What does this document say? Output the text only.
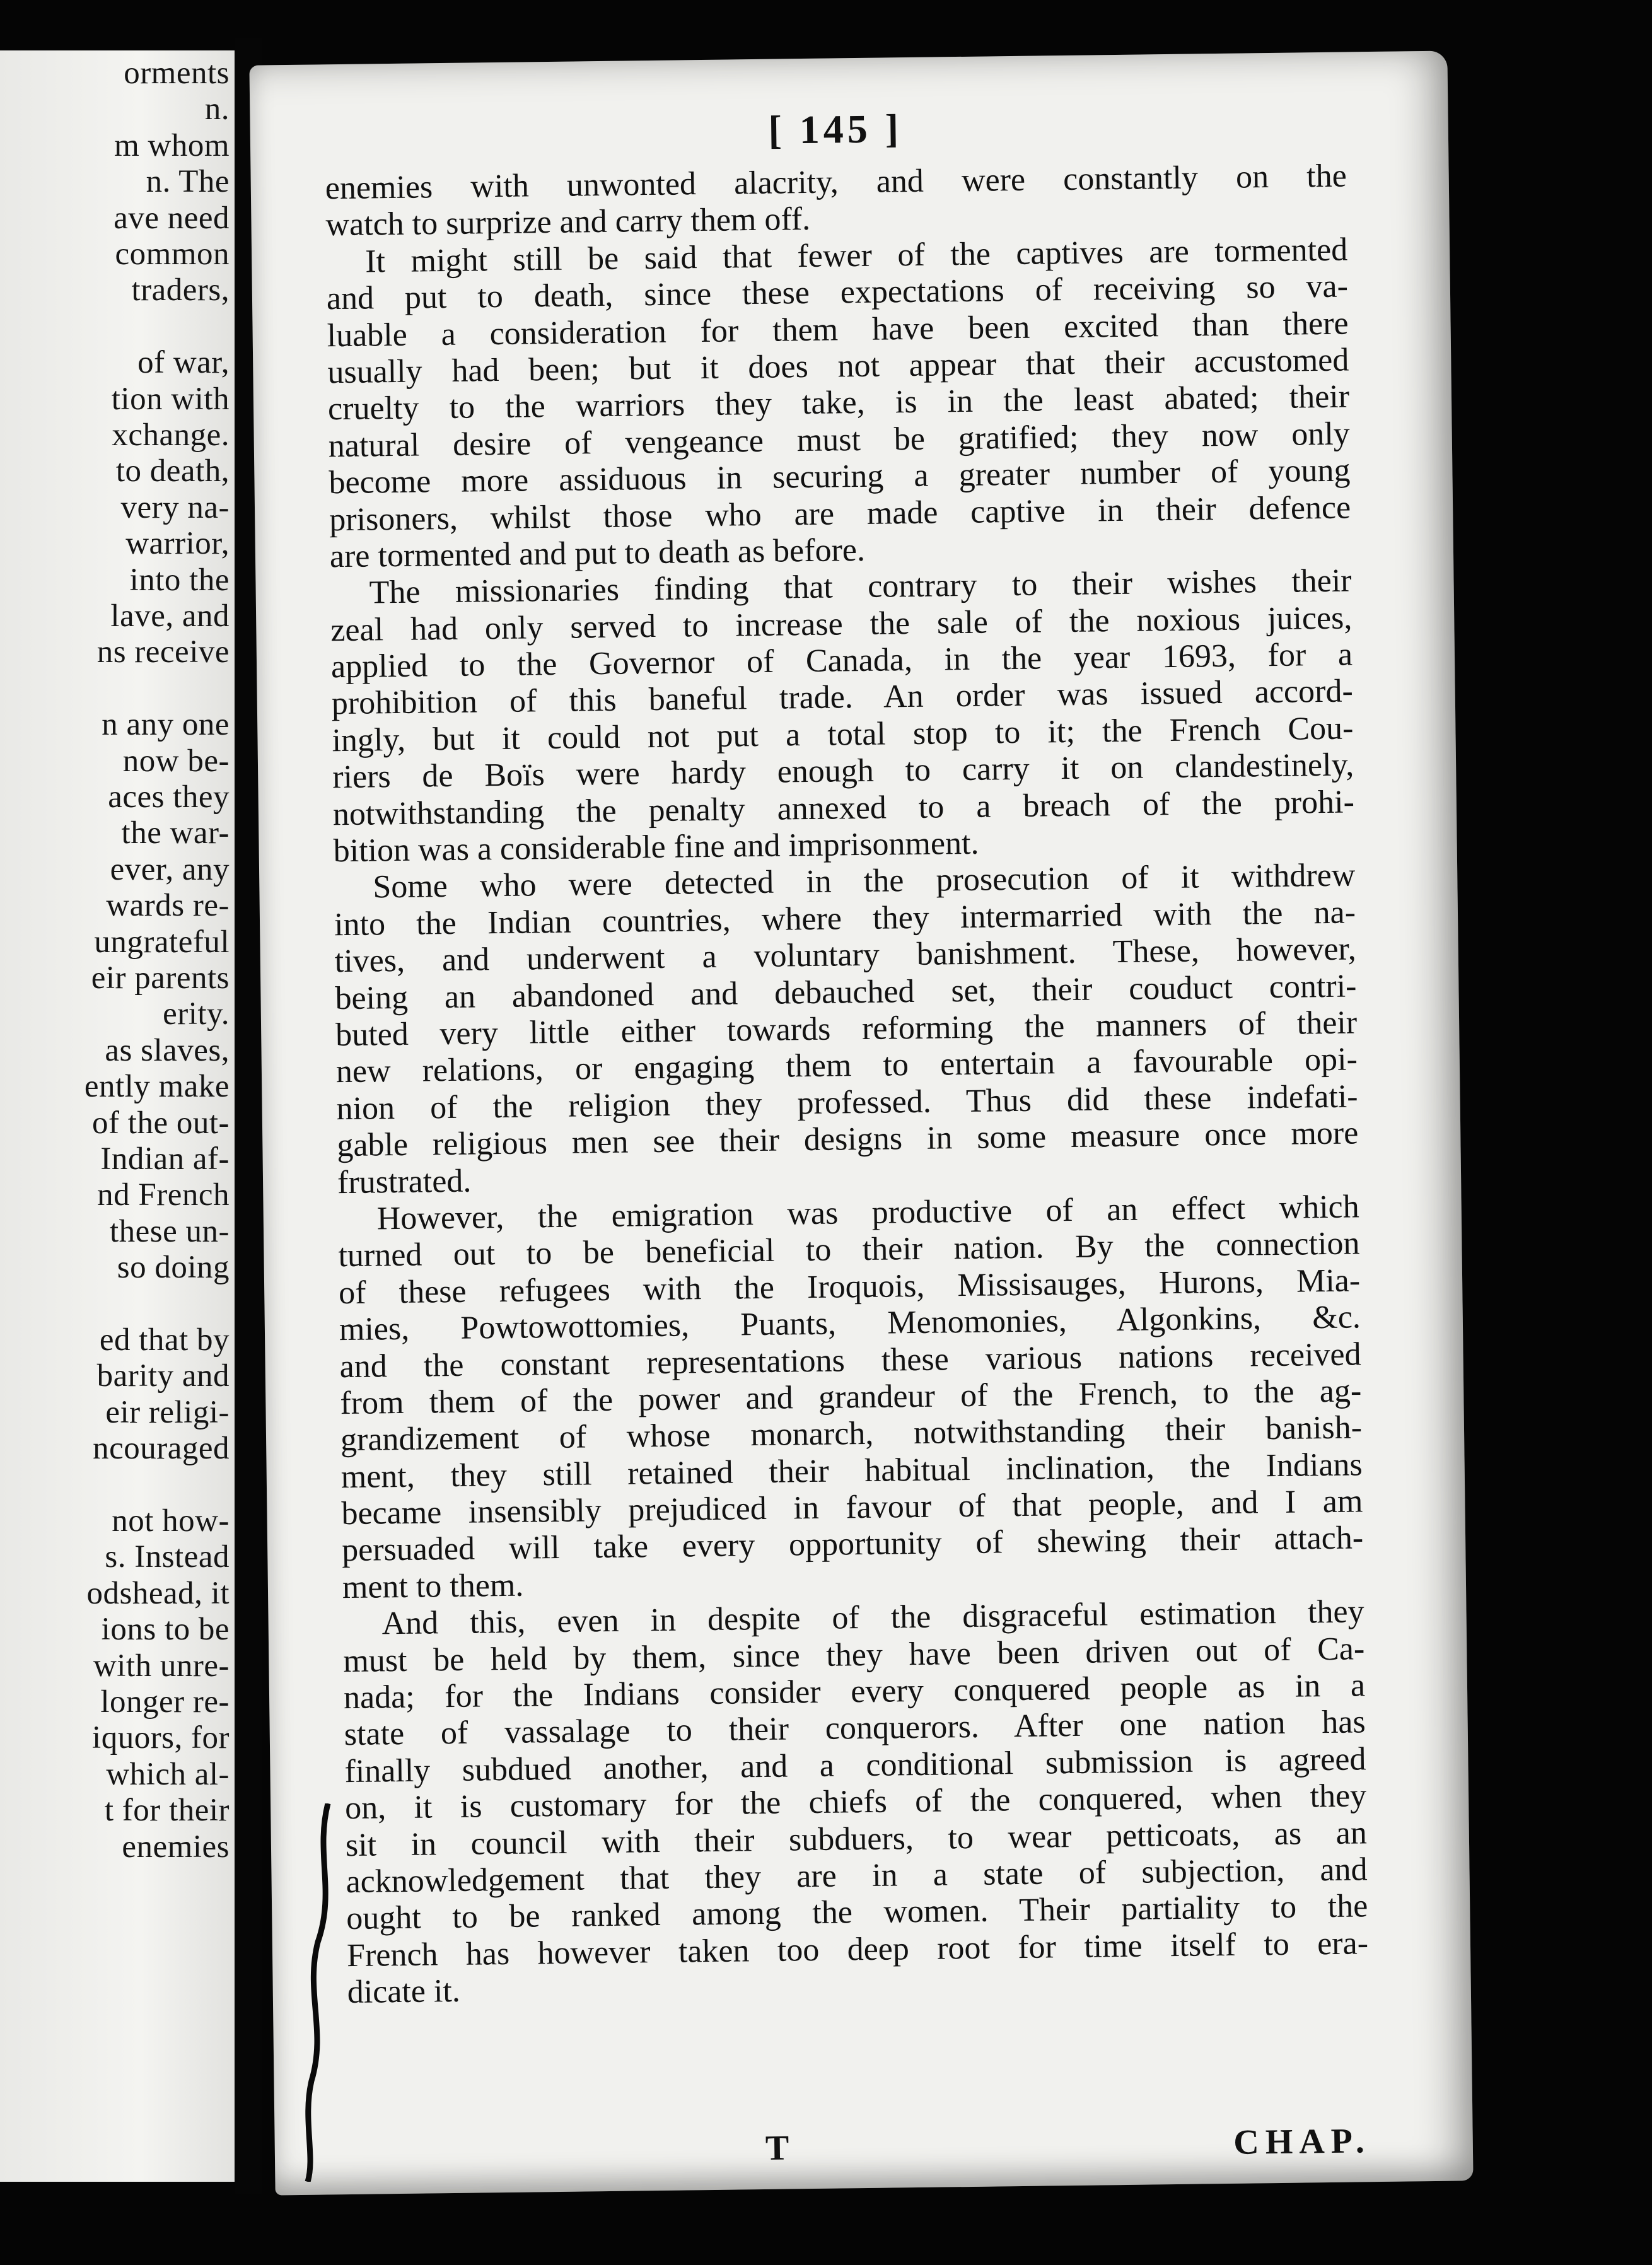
orments
n.
m whom
n. The
ave need
common
traders,
of war,
tion with
xchange.
to death,
very na-
warrior,
into the
lave, and
ns receive
n any one
now be-
aces they
the war-
ever, any
wards re-
ungrateful
eir parents
erity.
as slaves,
ently make
of the out-
Indian af-
nd French
these un-
so doing
ed that by
barity and
eir religi-
ncouraged
not how-
s. Instead
odshead, it
ions to be
with unre-
longer re-
iquors, for
which al-
t for their
enemies
[ 145 ]
enemies with unwonted alacrity, and were constantly on the
watch to surprize and carry them off.
It might still be said that fewer of the captives are tormented
and put to death, since these expectations of receiving so va-
luable a consideration for them have been excited than there
usually had been; but it does not appear that their accustomed
cruelty to the warriors they take, is in the least abated; their
natural desire of vengeance must be gratified; they now only
become more assiduous in securing a greater number of young
prisoners, whilst those who are made captive in their defence
are tormented and put to death as before.
The missionaries finding that contrary to their wishes their
zeal had only served to increase the sale of the noxious juices,
applied to the Governor of Canada, in the year 1693, for a
prohibition of this baneful trade. An order was issued accord-
ingly, but it could not put a total stop to it; the French Cou-
riers de Boïs were hardy enough to carry it on clandestinely,
notwithstanding the penalty annexed to a breach of the prohi-
bition was a considerable fine and imprisonment.
Some who were detected in the prosecution of it withdrew
into the Indian countries, where they intermarried with the na-
tives, and underwent a voluntary banishment. These, however,
being an abandoned and debauched set, their couduct contri-
buted very little either towards reforming the manners of their
new relations, or engaging them to entertain a favourable opi-
nion of the religion they professed. Thus did these indefati-
gable religious men see their designs in some measure once more
frustrated.
However, the emigration was productive of an effect which
turned out to be beneficial to their nation. By the connection
of these refugees with the Iroquois, Missisauges, Hurons, Mia-
mies, Powtowottomies, Puants, Menomonies, Algonkins, &c.
and the constant representations these various nations received
from them of the power and grandeur of the French, to the ag-
grandizement of whose monarch, notwithstanding their banish-
ment, they still retained their habitual inclination, the Indians
became insensibly prejudiced in favour of that people, and I am
persuaded will take every opportunity of shewing their attach-
ment to them.
And this, even in despite of the disgraceful estimation they
must be held by them, since they have been driven out of Ca-
nada; for the Indians consider every conquered people as in a
state of vassalage to their conquerors. After one nation has
finally subdued another, and a conditional submission is agreed
on, it is customary for the chiefs of the conquered, when they
sit in council with their subduers, to wear petticoats, as an
acknowledgement that they are in a state of subjection, and
ought to be ranked among the women. Their partiality to the
French has however taken too deep root for time itself to era-
dicate it.
T	CHAP.
